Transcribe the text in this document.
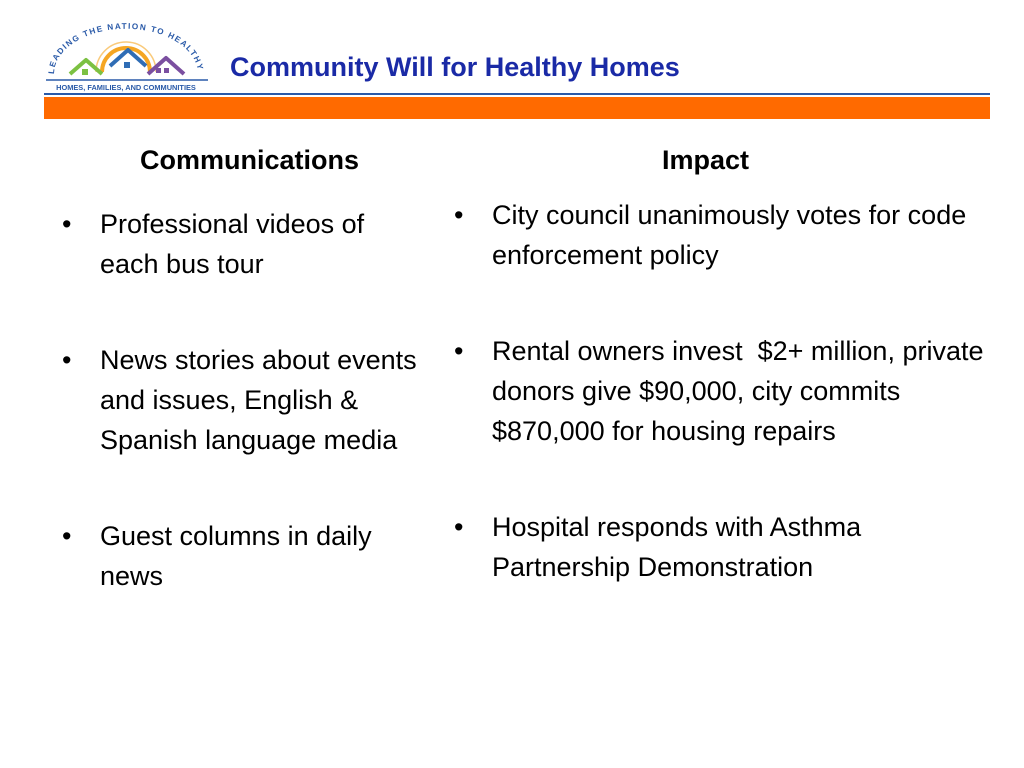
LEADING THE NATION TO HEALTHY
HOMES, FAMILIES, AND COMMUNITIES
Community Will for Healthy Homes
Communications	Impact
• Professional videos of each bus tour
• News stories about events and issues, English & Spanish language media
• Guest columns in daily news
• City council unanimously votes for code enforcement policy
• Rental owners invest  $2+ million, private donors give $90,000, city commits $870,000 for housing repairs
• Hospital responds with Asthma Partnership Demonstration
